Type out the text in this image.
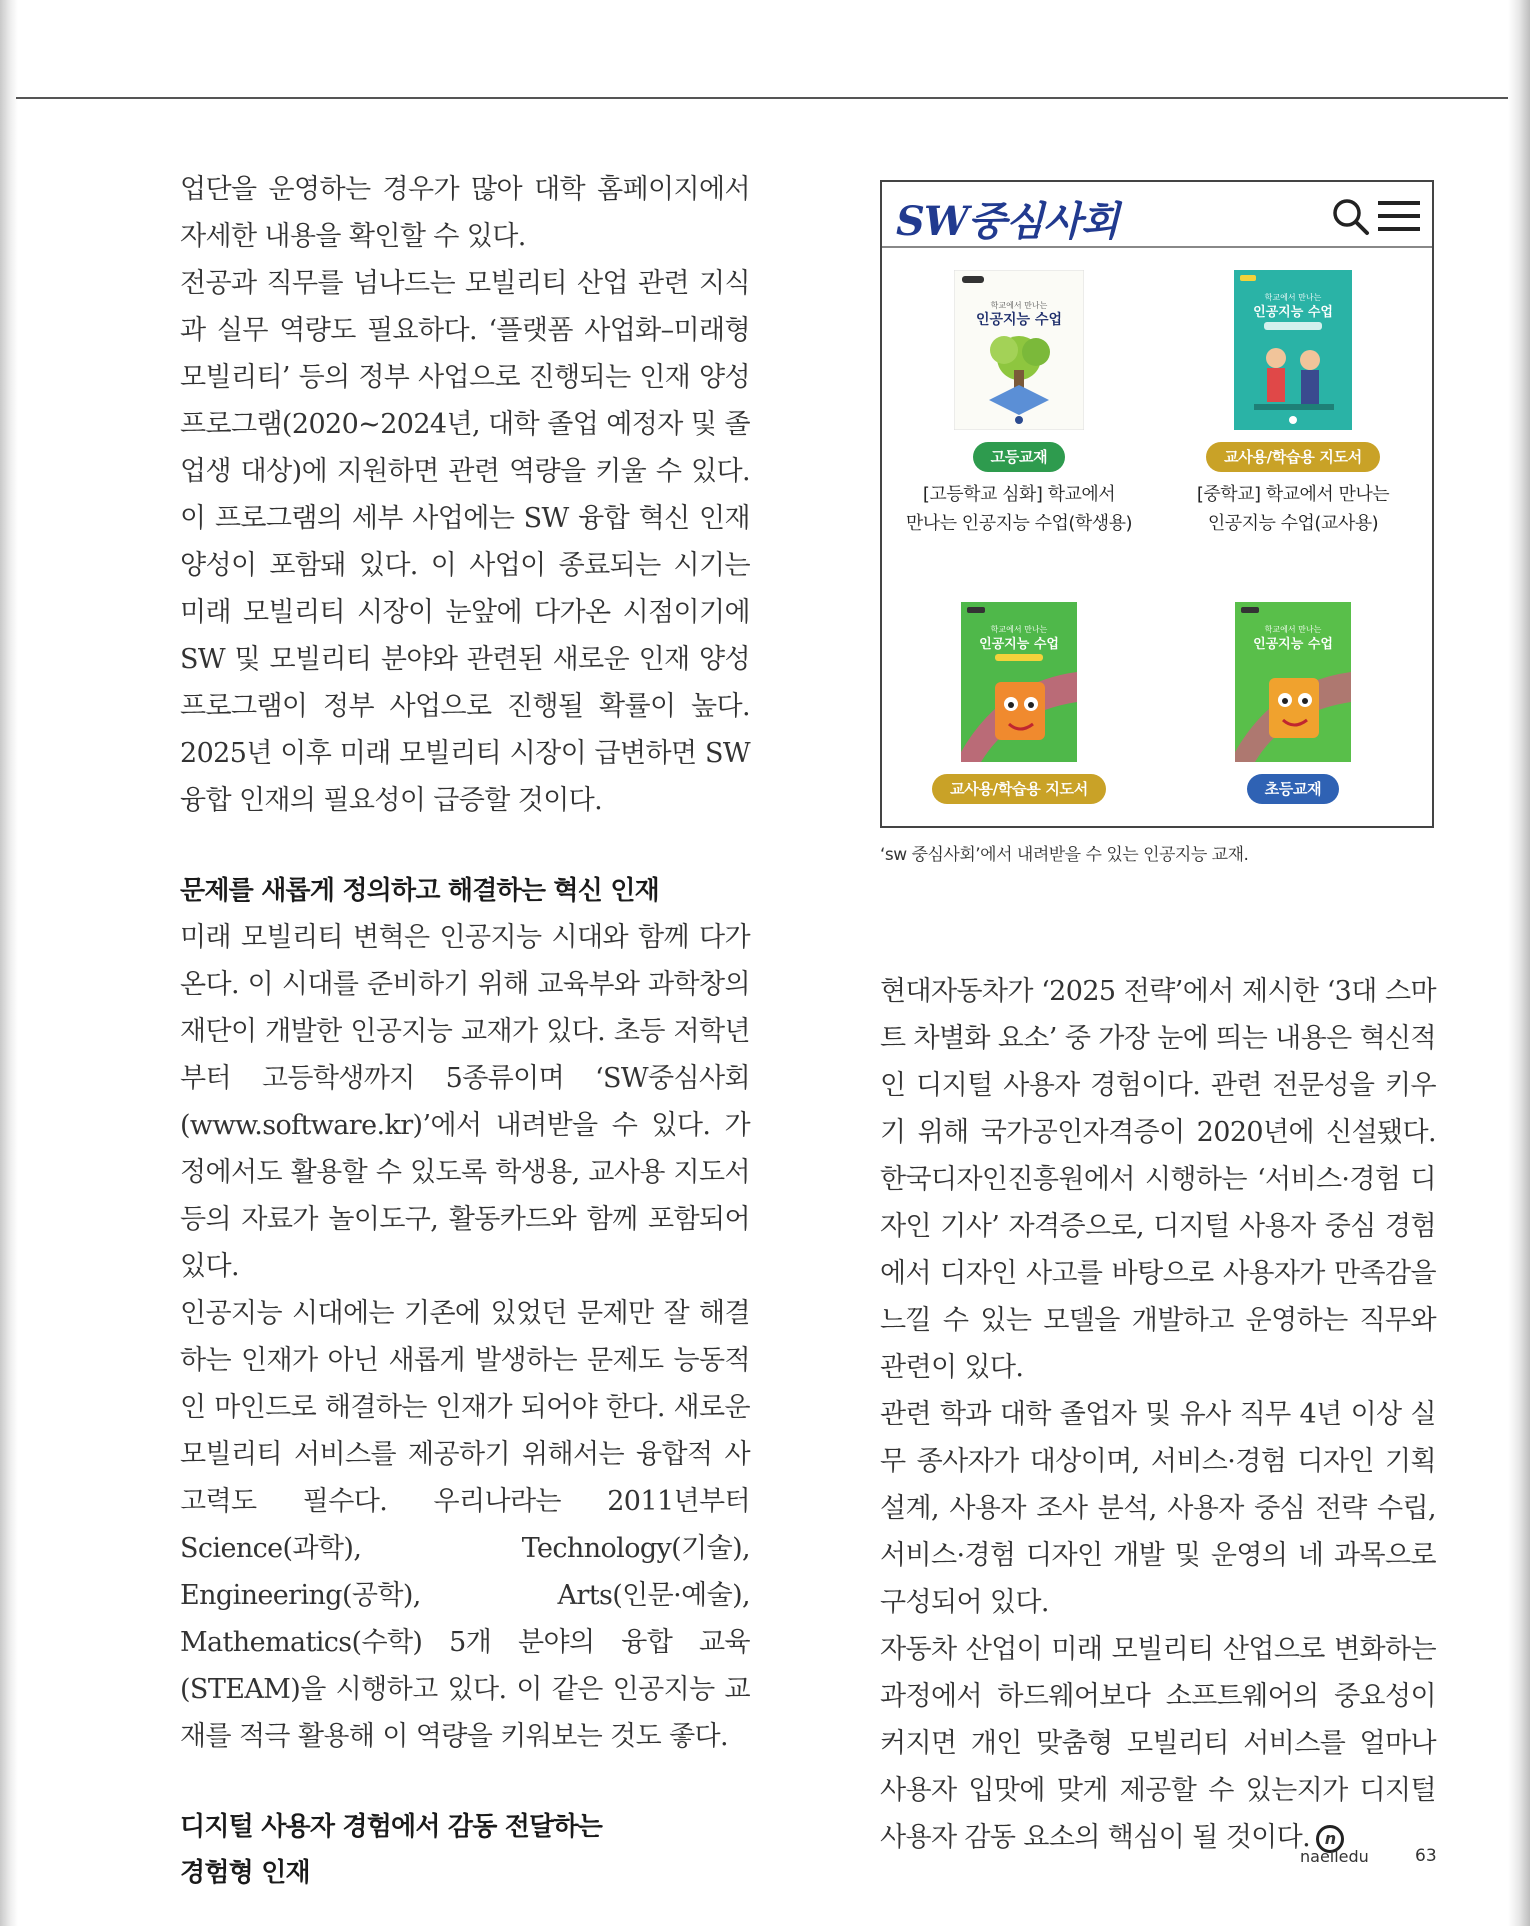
업단을 운영하는 경우가 많아 대학 홈페이지에서 자세한 내용을 확인할 수 있다.

전공과 직무를 넘나드는 모빌리티 산업 관련 지식과 실무 역량도 필요하다. ‘플랫폼 사업화–미래형 모빌리티’ 등의 정부 사업으로 진행되는 인재 양성 프로그램(2020~2024년, 대학 졸업 예정자 및 졸업생 대상)에 지원하면 관련 역량을 키울 수 있다. 이 프로그램의 세부 사업에는 SW 융합 혁신 인재 양성이 포함돼 있다. 이 사업이 종료되는 시기는 미래 모빌리티 시장이 눈앞에 다가온 시점이기에 SW 및 모빌리티 분야와 관련된 새로운 인재 양성 프로그램이 정부 사업으로 진행될 확률이 높다. 2025년 이후 미래 모빌리티 시장이 급변하면 SW 융합 인재의 필요성이 급증할 것이다.

문제를 새롭게 정의하고 해결하는 혁신 인재

미래 모빌리티 변혁은 인공지능 시대와 함께 다가온다. 이 시대를 준비하기 위해 교육부와 과학창의재단이 개발한 인공지능 교재가 있다. 초등 저학년부터 고등학생까지 5종류이며 ‘SW중심사회(www.software.kr)’에서 내려받을 수 있다. 가정에서도 활용할 수 있도록 학생용, 교사용 지도서 등의 자료가 놀이도구, 활동카드와 함께 포함되어 있다.

인공지능 시대에는 기존에 있었던 문제만 잘 해결하는 인재가 아닌 새롭게 발생하는 문제도 능동적인 마인드로 해결하는 인재가 되어야 한다. 새로운 모빌리티 서비스를 제공하기 위해서는 융합적 사고력도 필수다. 우리나라는 2011년부터 Science(과학), Technology(기술), Engineering(공학), Arts(인문·예술), Mathematics(수학) 5개 분야의 융합 교육(STEAM)을 시행하고 있다. 이 같은 인공지능 교재를 적극 활용해 이 역량을 키워보는 것도 좋다.

디지털 사용자 경험에서 감동 전달하는
경험형 인재
SW중심사회
학교에서 만나는
인공지능 수업
고등교재
[고등학교 심화] 학교에서
만나는 인공지능 수업(학생용)
학교에서 만나는
인공지능 수업
교사용/학습용 지도서
[중학교] 학교에서 만나는
인공지능 수업(교사용)
학교에서 만나는
인공지능 수업
교사용/학습용 지도서
학교에서 만나는
인공지능 수업
초등교재
‘sw 중심사회’에서 내려받을 수 있는 인공지능 교재.

현대자동차가 ‘2025 전략’에서 제시한 ‘3대 스마트 차별화 요소’ 중 가장 눈에 띄는 내용은 혁신적인 디지털 사용자 경험이다. 관련 전문성을 키우기 위해 국가공인자격증이 2020년에 신설됐다. 한국디자인진흥원에서 시행하는 ‘서비스·경험 디자인 기사’ 자격증으로, 디지털 사용자 중심 경험에서 디자인 사고를 바탕으로 사용자가 만족감을 느낄 수 있는 모델을 개발하고 운영하는 직무와 관련이 있다.

관련 학과 대학 졸업자 및 유사 직무 4년 이상 실무 종사자가 대상이며, 서비스·경험 디자인 기획 설계, 사용자 조사 분석, 사용자 중심 전략 수립, 서비스·경험 디자인 개발 및 운영의 네 과목으로 구성되어 있다.

자동차 산업이 미래 모빌리티 산업으로 변화하는 과정에서 하드웨어보다 소프트웨어의 중요성이 커지면 개인 맞춤형 모빌리티 서비스를 얼마나 사용자 입맛에 맞게 제공할 수 있는지가 디지털 사용자 감동 요소의 핵심이 될 것이다. n

naeiledu	63
